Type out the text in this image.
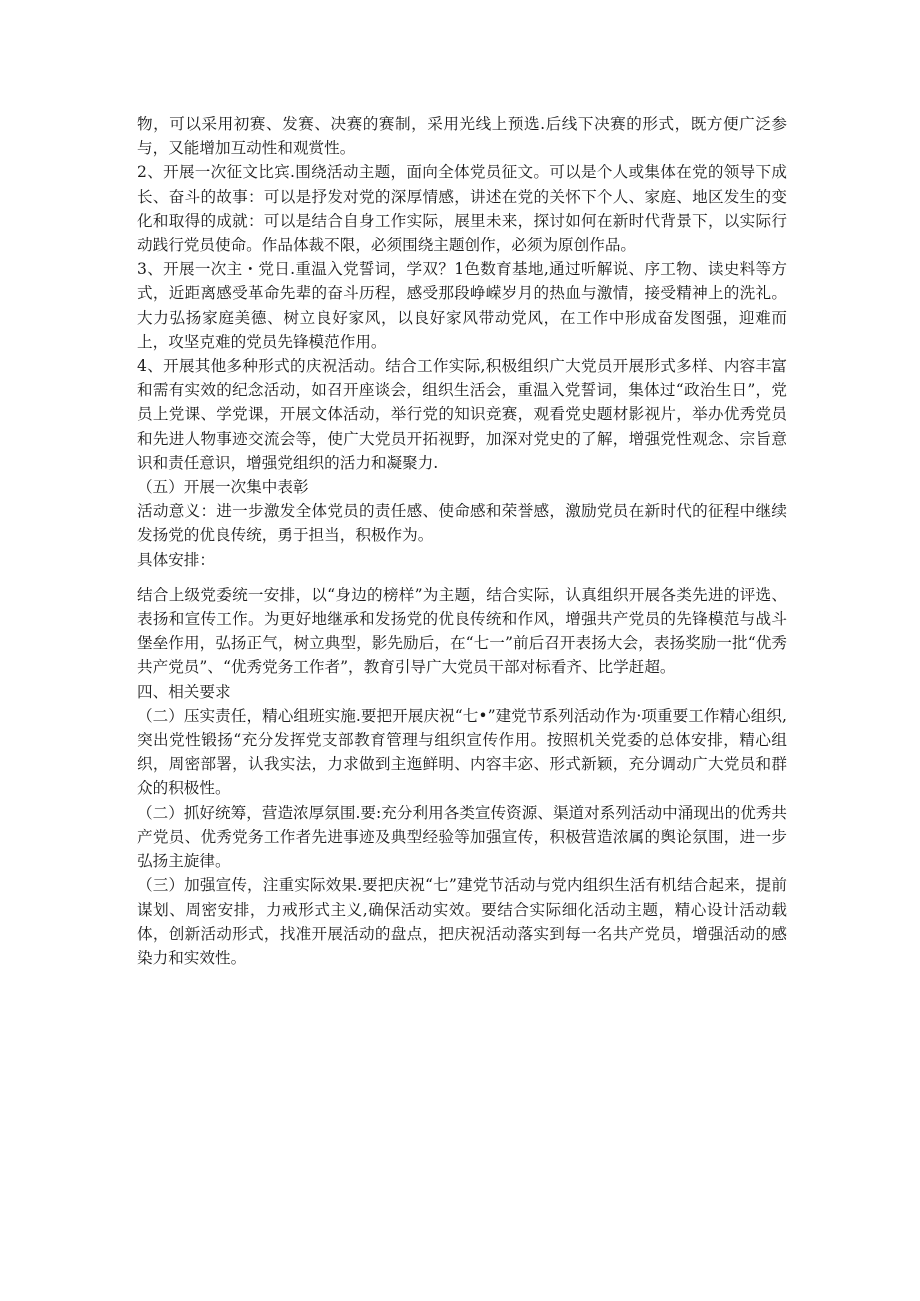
物，可以采用初赛、发赛、决赛的赛制，采用光线上预选.后线下决赛的形式，既方便广泛参与，又能增加互动性和观赏性。

2、开展一次征文比宾.围绕活动主题，面向全体党员征文。可以是个人或集体在党的领导下成长、奋斗的故事：可以是抒发对党的深厚情感，讲述在党的关怀下个人、家庭、地区发生的变化和取得的成就：可以是结合自身工作实际，展里未来，探讨如何在新时代背景下，以实际行动践行党员使命。作品体裁不限，必须围绕主题创作，必须为原创作品。

3、开展一次主・党日.重温入党誓词，学双？1色数育基地,通过听解说、序工物、读史料等方式，近距离感受革命先辈的奋斗历程，感受那段峥嵘岁月的热血与激情，接受精神上的洗礼。大力弘扬家庭美德、树立良好家风，以良好家风带动党风，在工作中形成奋发图强，迎难而上，攻坚克难的党员先锋模范作用。

4、开展其他多种形式的庆祝活动。结合工作实际,积极组织广大党员开展形式多样、内容丰富和需有实效的纪念活动，如召开座谈会，组织生活会，重温入党誓词，集体过“政治生日”，党员上党课、学党课，开展文体活动，举行党的知识竞赛，观看党史题材影视片，举办优秀党员和先进人物事迹交流会等，使广大党员开拓视野，加深对党史的了解，增强党性观念、宗旨意识和责任意识，增强党组织的活力和凝聚力.

（五）开展一次集中表彰

活动意义：进一步激发全体党员的责任感、使命感和荣誉感，激励党员在新时代的征程中继续发扬党的优良传统，勇于担当，积极作为。

具体安排：

结合上级党委统一安排，以“身边的榜样”为主题，结合实际，认真组织开展各类先进的评选、表扬和宣传工作。为更好地继承和发扬党的优良传统和作风，增强共产党员的先锋模范与战斗堡垒作用，弘扬正气，树立典型，影先励后，在“七一”前后召开表扬大会，表扬奖励一批“优秀共产党员”、“优秀党务工作者”，教育引导广大党员干部对标看齐、比学赶超。

四、相关要求

（二）压实责任，精心组班实施.要把开展庆祝“七•”建党节系列活动作为·项重要工作精心组织,突出党性锻扬“充分发挥党支部教育管理与组织宣传作用。按照机关党委的总体安排，精心组织，周密部署，认我实法，力求做到主迤鲜明、内容丰宓、形式新颖，充分调动广大党员和群众的积极性。

（二）抓好统筹，营造浓厚氛围.要:充分利用各类宣传资源、渠道对系列活动中涌现出的优秀共产党员、优秀党务工作者先进事迹及典型经验等加强宣传，积极营造浓属的舆论氛围，进一步弘扬主旋律。

（三）加强宣传，注重实际效果.要把庆祝“七”建党节活动与党内组织生活有机结合起来，提前谋划、周密安排，力戒形式主义,确保活动实效。要结合实际细化活动主题，精心设计活动载体，创新活动形式，找准开展活动的盘点，把庆祝活动落实到每一名共产党员，增强活动的感染力和实效性。
